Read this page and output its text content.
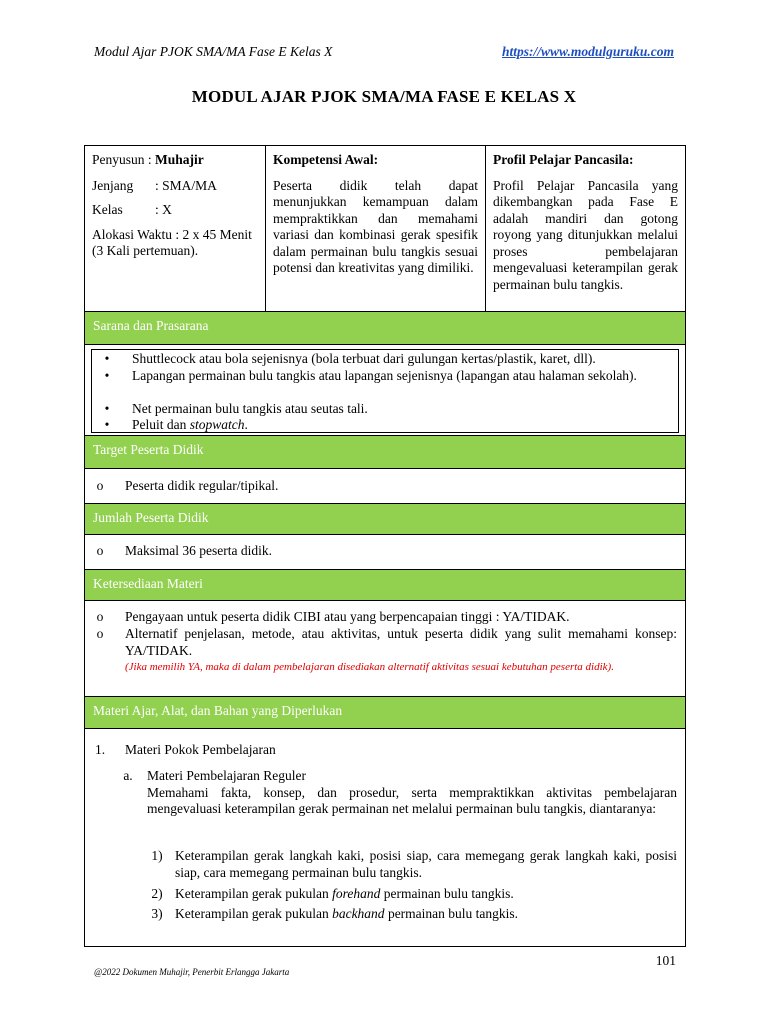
Modul Ajar PJOK SMA/MA Fase E Kelas X	https://www.modulguruku.com
MODUL AJAR PJOK SMA/MA FASE E KELAS X
Penyusun : Muhajir
Jenjang	: SMA/MA
Kelas	: X
Alokasi Waktu : 2 x 45 Menit (3 Kali pertemuan).
Kompetensi Awal:
Peserta didik telah dapat menunjukkan kemampuan dalam mempraktikkan dan memahami variasi dan kombinasi gerak spesifik dalam permainan bulu tangkis sesuai potensi dan kreativitas yang dimiliki.
Profil Pelajar Pancasila:
Profil Pelajar Pancasila yang dikembangkan pada Fase E adalah mandiri dan gotong royong yang ditunjukkan melalui proses pembelajaran mengevaluasi keterampilan gerak permainan bulu tangkis.
Sarana dan Prasarana
•	Shuttlecock atau bola sejenisnya (bola terbuat dari gulungan kertas/plastik, karet, dll).
•	Lapangan permainan bulu tangkis atau lapangan sejenisnya (lapangan atau halaman sekolah).
•	Net permainan bulu tangkis atau seutas tali.
•	Peluit dan stopwatch.
Target Peserta Didik
o	Peserta didik regular/tipikal.
Jumlah Peserta Didik
o	Maksimal 36 peserta didik.
Ketersediaan Materi
o	Pengayaan untuk peserta didik CIBI atau yang berpencapaian tinggi : YA/TIDAK.
o	Alternatif penjelasan, metode, atau aktivitas, untuk peserta didik yang sulit memahami konsep: YA/TIDAK.
(Jika memilih YA, maka di dalam pembelajaran disediakan alternatif aktivitas sesuai kebutuhan peserta didik).
Materi Ajar, Alat, dan Bahan yang Diperlukan
1. Materi Pokok Pembelajaran
a.	Materi Pembelajaran Reguler
Memahami fakta, konsep, dan prosedur, serta mempraktikkan aktivitas pembelajaran mengevaluasi keterampilan gerak permainan net melalui permainan bulu tangkis, diantaranya:
1) Keterampilan gerak langkah kaki, posisi siap, cara memegang gerak langkah kaki, posisi siap, cara memegang permainan bulu tangkis.
2) Keterampilan gerak pukulan forehand permainan bulu tangkis.
3) Keterampilan gerak pukulan backhand permainan bulu tangkis.
101
@2022 Dokumen Muhajir, Penerbit Erlangga Jakarta
